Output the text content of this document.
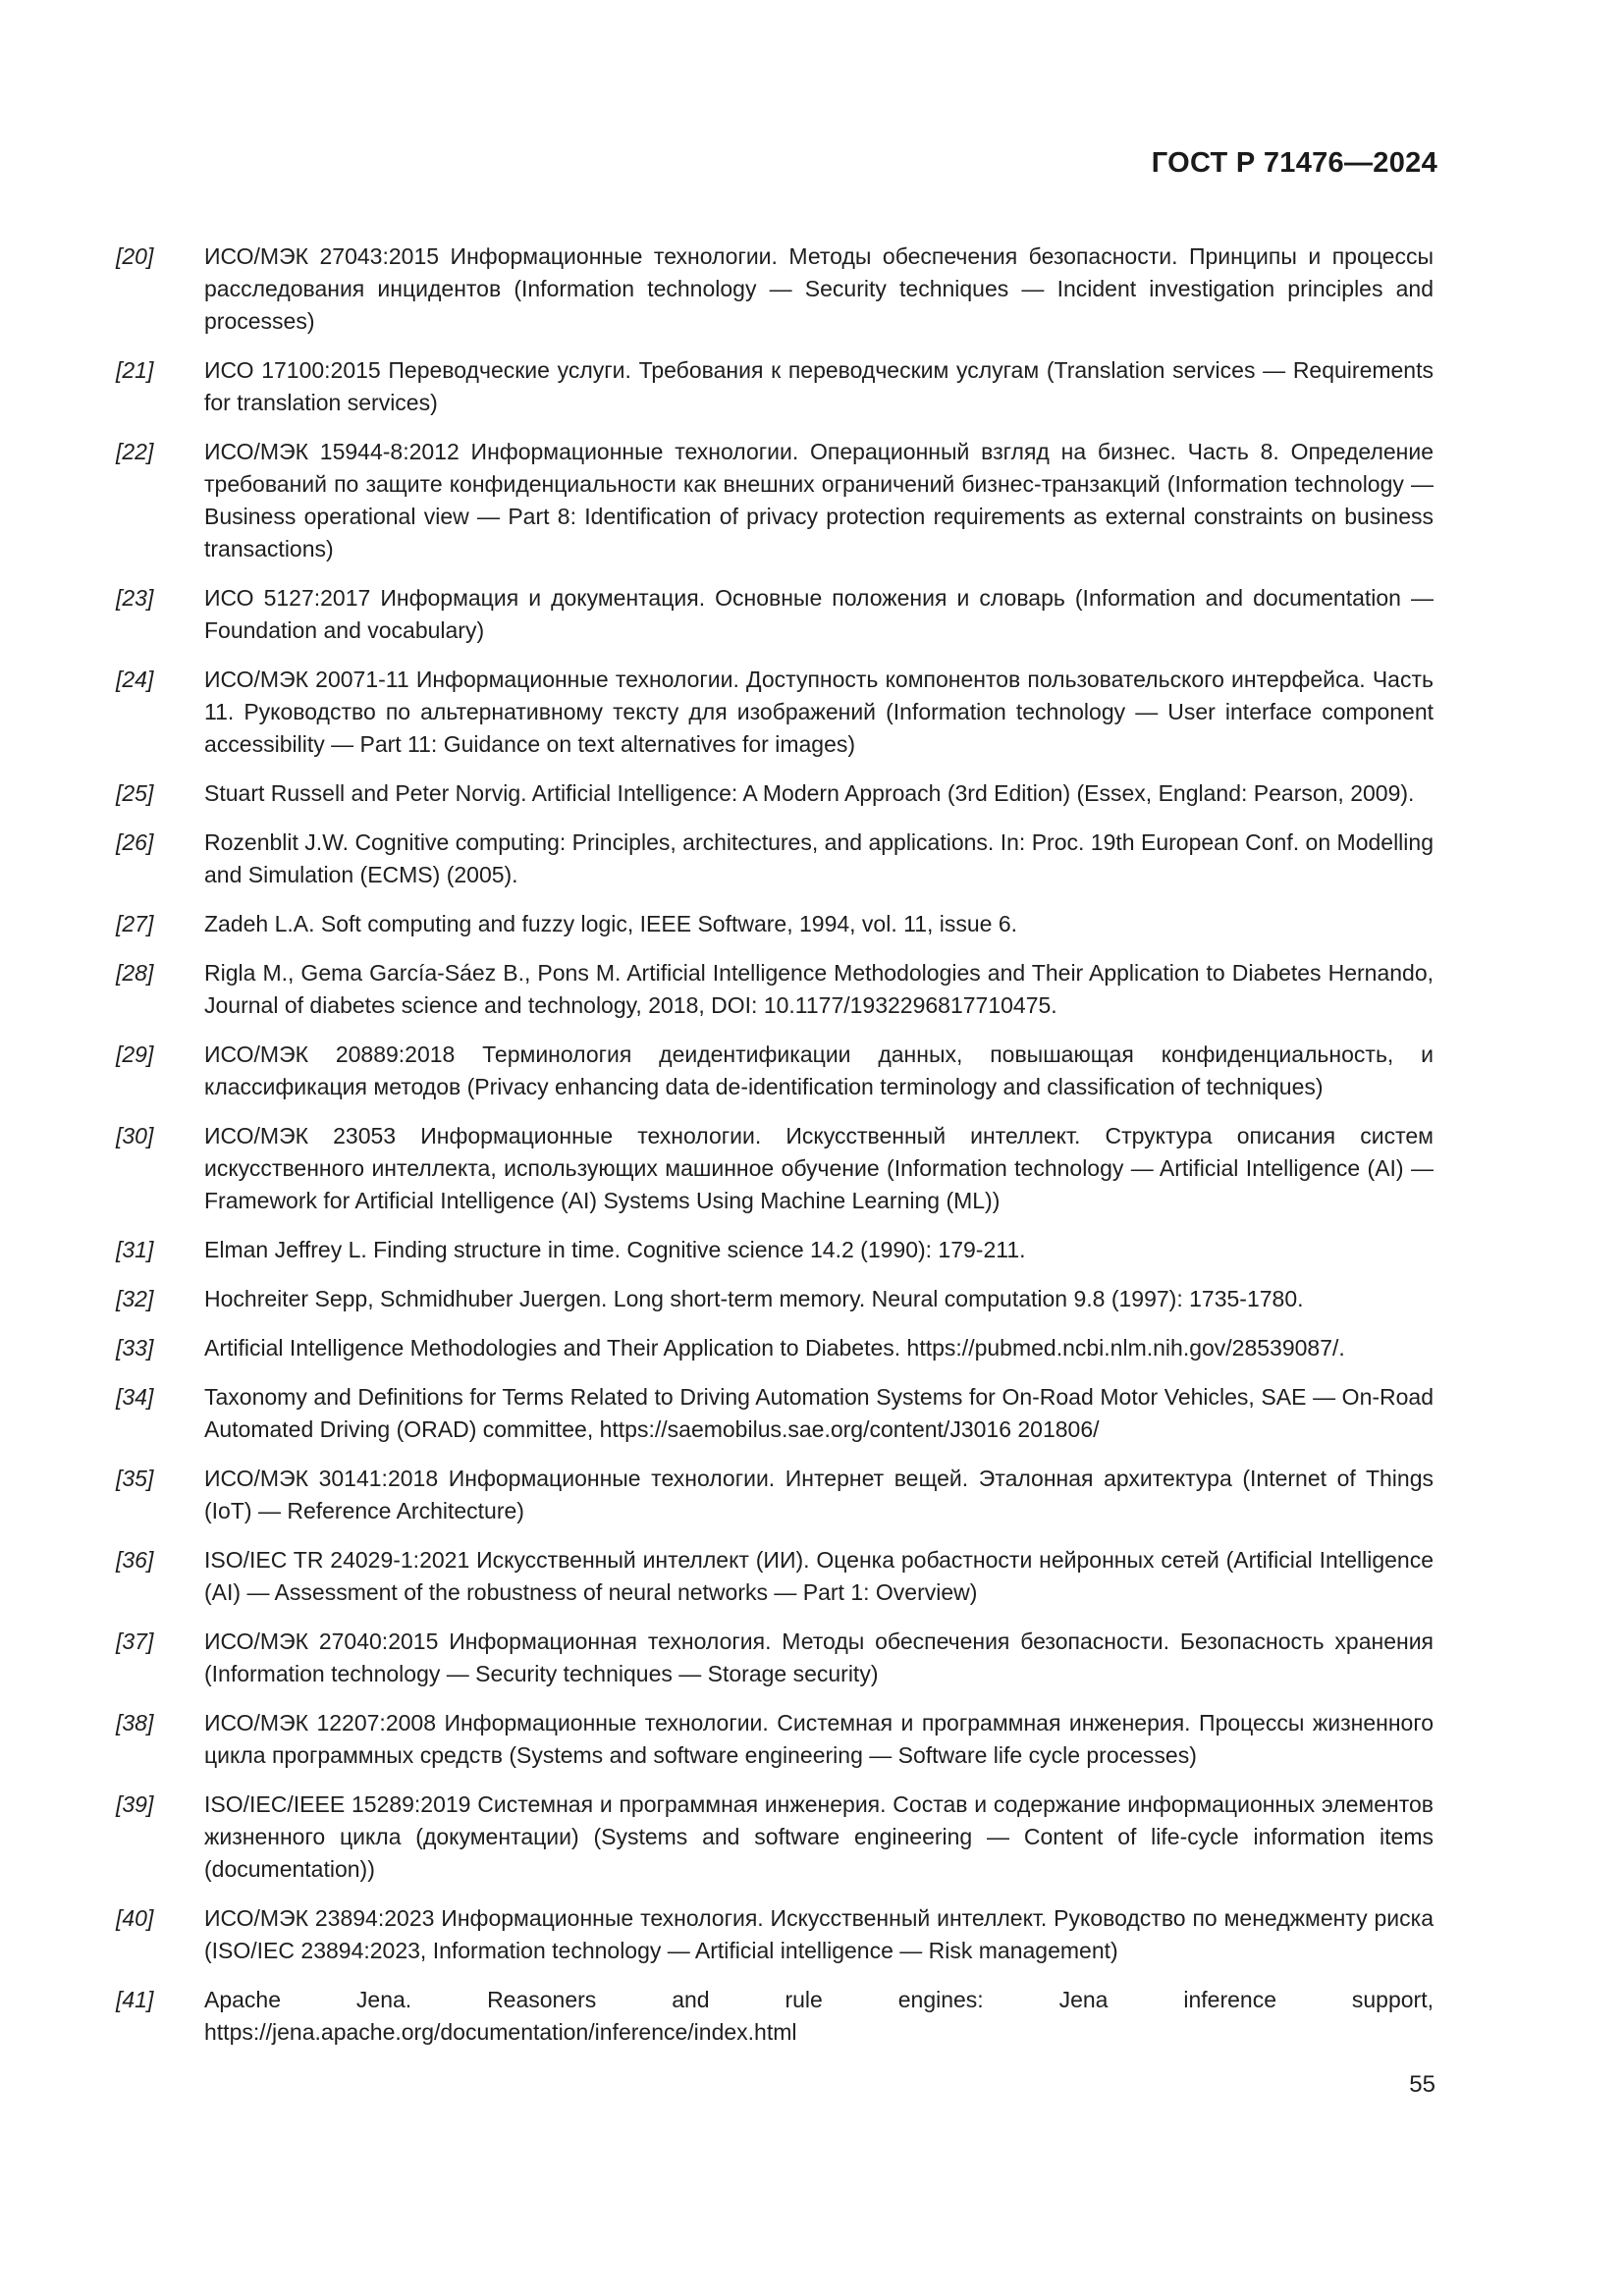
ГОСТ Р 71476—2024
[20]	ИСО/МЭК 27043:2015 Информационные технологии. Методы обеспечения безопасности. Принципы и процессы расследования инцидентов (Information technology — Security techniques — Incident investigation principles and processes)
[21]	ИСО 17100:2015 Переводческие услуги. Требования к переводческим услугам (Translation services — Requirements for translation services)
[22]	ИСО/МЭК 15944-8:2012 Информационные технологии. Операционный взгляд на бизнес. Часть 8. Определение требований по защите конфиденциальности как внешних ограничений бизнес-транзакций (Information technology — Business operational view — Part 8: Identification of privacy protection requirements as external constraints on business transactions)
[23]	ИСО 5127:2017 Информация и документация. Основные положения и словарь (Information and documentation — Foundation and vocabulary)
[24]	ИСО/МЭК 20071-11 Информационные технологии. Доступность компонентов пользовательского интерфейса. Часть 11. Руководство по альтернативному тексту для изображений (Information technology — User interface component accessibility — Part 11: Guidance on text alternatives for images)
[25]	Stuart Russell and Peter Norvig. Artificial Intelligence: A Modern Approach (3rd Edition) (Essex, England: Pearson, 2009).
[26]	Rozenblit J.W. Cognitive computing: Principles, architectures, and applications. In: Proc. 19th European Conf. on Modelling and Simulation (ECMS) (2005).
[27]	Zadeh L.A. Soft computing and fuzzy logic, IEEE Software, 1994, vol. 11, issue 6.
[28]	Rigla M., Gema García-Sáez B., Pons M. Artificial Intelligence Methodologies and Their Application to Diabetes Hernando, Journal of diabetes science and technology, 2018, DOI: 10.1177/1932296817710475.
[29]	ИСО/МЭК 20889:2018 Терминология деидентификации данных, повышающая конфиденциальность, и классификация методов (Privacy enhancing data de-identification terminology and classification of techniques)
[30]	ИСО/МЭК 23053 Информационные технологии. Искусственный интеллект. Структура описания систем искусственного интеллекта, использующих машинное обучение (Information technology — Artificial Intelligence (AI) — Framework for Artificial Intelligence (AI) Systems Using Machine Learning (ML))
[31]	Elman Jeffrey L. Finding structure in time. Cognitive science 14.2 (1990): 179-211.
[32]	Hochreiter Sepp, Schmidhuber Juergen. Long short-term memory. Neural computation 9.8 (1997): 1735-1780.
[33]	Artificial Intelligence Methodologies and Their Application to Diabetes. https://pubmed.ncbi.nlm.nih.gov/28539087/.
[34]	Taxonomy and Definitions for Terms Related to Driving Automation Systems for On-Road Motor Vehicles, SAE — On-Road Automated Driving (ORAD) committee, https://saemobilus.sae.org/content/J3016 201806/
[35]	ИСО/МЭК 30141:2018 Информационные технологии. Интернет вещей. Эталонная архитектура (Internet of Things (IoT) — Reference Architecture)
[36]	ISO/IEC TR 24029-1:2021 Искусственный интеллект (ИИ). Оценка робастности нейронных сетей (Artificial Intelligence (AI) — Assessment of the robustness of neural networks — Part 1: Overview)
[37]	ИСО/МЭК 27040:2015 Информационная технология. Методы обеспечения безопасности. Безопасность хранения (Information technology — Security techniques — Storage security)
[38]	ИСО/МЭК 12207:2008 Информационные технологии. Системная и программная инженерия. Процессы жизненного цикла программных средств (Systems and software engineering — Software life cycle processes)
[39]	ISO/IEC/IEEE 15289:2019 Системная и программная инженерия. Состав и содержание информационных элементов жизненного цикла (документации) (Systems and software engineering — Content of life-cycle information items (documentation))
[40]	ИСО/МЭК 23894:2023 Информационные технология. Искусственный интеллект. Руководство по менеджменту риска (ISO/IEC 23894:2023, Information technology — Artificial intelligence — Risk management)
[41]	Apache Jena. Reasoners and rule engines: Jena inference support, https://jena.apache.org/documentation/inference/index.html
55
